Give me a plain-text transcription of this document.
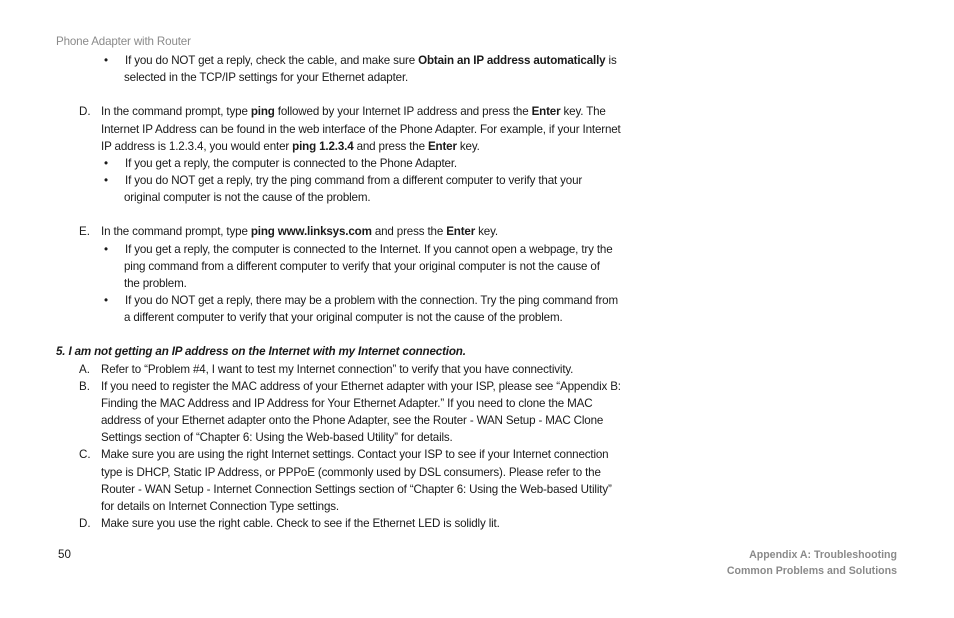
Phone Adapter with Router
• If you do NOT get a reply, check the cable, and make sure Obtain an IP address automatically is
selected in the TCP/IP settings for your Ethernet adapter.
D. In the command prompt, type ping followed by your Internet IP address and press the Enter key. The
Internet IP Address can be found in the web interface of the Phone Adapter. For example, if your Internet
IP address is 1.2.3.4, you would enter ping 1.2.3.4 and press the Enter key.
• If you get a reply, the computer is connected to the Phone Adapter.
• If you do NOT get a reply, try the ping command from a different computer to verify that your
original computer is not the cause of the problem.
E. In the command prompt, type ping www.linksys.com and press the Enter key.
• If you get a reply, the computer is connected to the Internet. If you cannot open a webpage, try the
ping command from a different computer to verify that your original computer is not the cause of
the problem.
• If you do NOT get a reply, there may be a problem with the connection. Try the ping command from
a different computer to verify that your original computer is not the cause of the problem.
5. I am not getting an IP address on the Internet with my Internet connection.
A. Refer to “Problem #4, I want to test my Internet connection” to verify that you have connectivity.
B. If you need to register the MAC address of your Ethernet adapter with your ISP, please see “Appendix B:
Finding the MAC Address and IP Address for Your Ethernet Adapter.” If you need to clone the MAC
address of your Ethernet adapter onto the Phone Adapter, see the Router - WAN Setup - MAC Clone
Settings section of “Chapter 6: Using the Web-based Utility” for details.
C. Make sure you are using the right Internet settings. Contact your ISP to see if your Internet connection
type is DHCP, Static IP Address, or PPPoE (commonly used by DSL consumers). Please refer to the
Router - WAN Setup - Internet Connection Settings section of “Chapter 6: Using the Web-based Utility”
for details on Internet Connection Type settings.
D. Make sure you use the right cable. Check to see if the Ethernet LED is solidly lit.
50	Appendix A: Troubleshooting
Common Problems and Solutions
